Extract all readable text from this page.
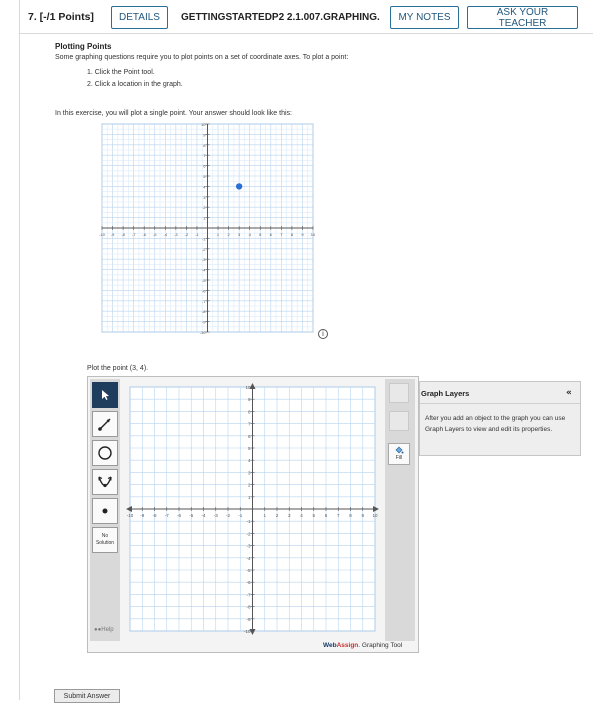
7. [-/1 Points]	DETAILS	GETTINGSTARTEDP2 2.1.007.GRAPHING.	MY NOTES	ASK YOUR TEACHER
Plotting Points
Some graphing questions require you to plot points on a set of coordinate axes. To plot a point:
1. Click the Point tool.
2. Click a location in the graph.
In this exercise, you will plot a single point. Your answer should look like this:
-10 -9 -8 -7 -6 -5 -4 -3 -2 -1	1 2 3 4 5 6 7 8 9 10
-10
-9
-8
-7
-6
-5
-4
-3
-2
-1
1
2
3
4
5
6
7
8
9
10
i
Plot the point (3, 4).
No
Solution
●●Help
-10 -9 -8 -7 -6 -5 -4 -3 -2 -1	1 2 3 4 5 6 7 8 9 10
-10
-9
-8
-7
-6
-5
-4
-3
-2
-1
1
2
3
4
5
6
7
8
9
10
Fill
WebAssign. Graphing Tool
Graph Layers	«
After you add an object to the graph you can use Graph Layers to view and edit its properties.
Submit Answer
